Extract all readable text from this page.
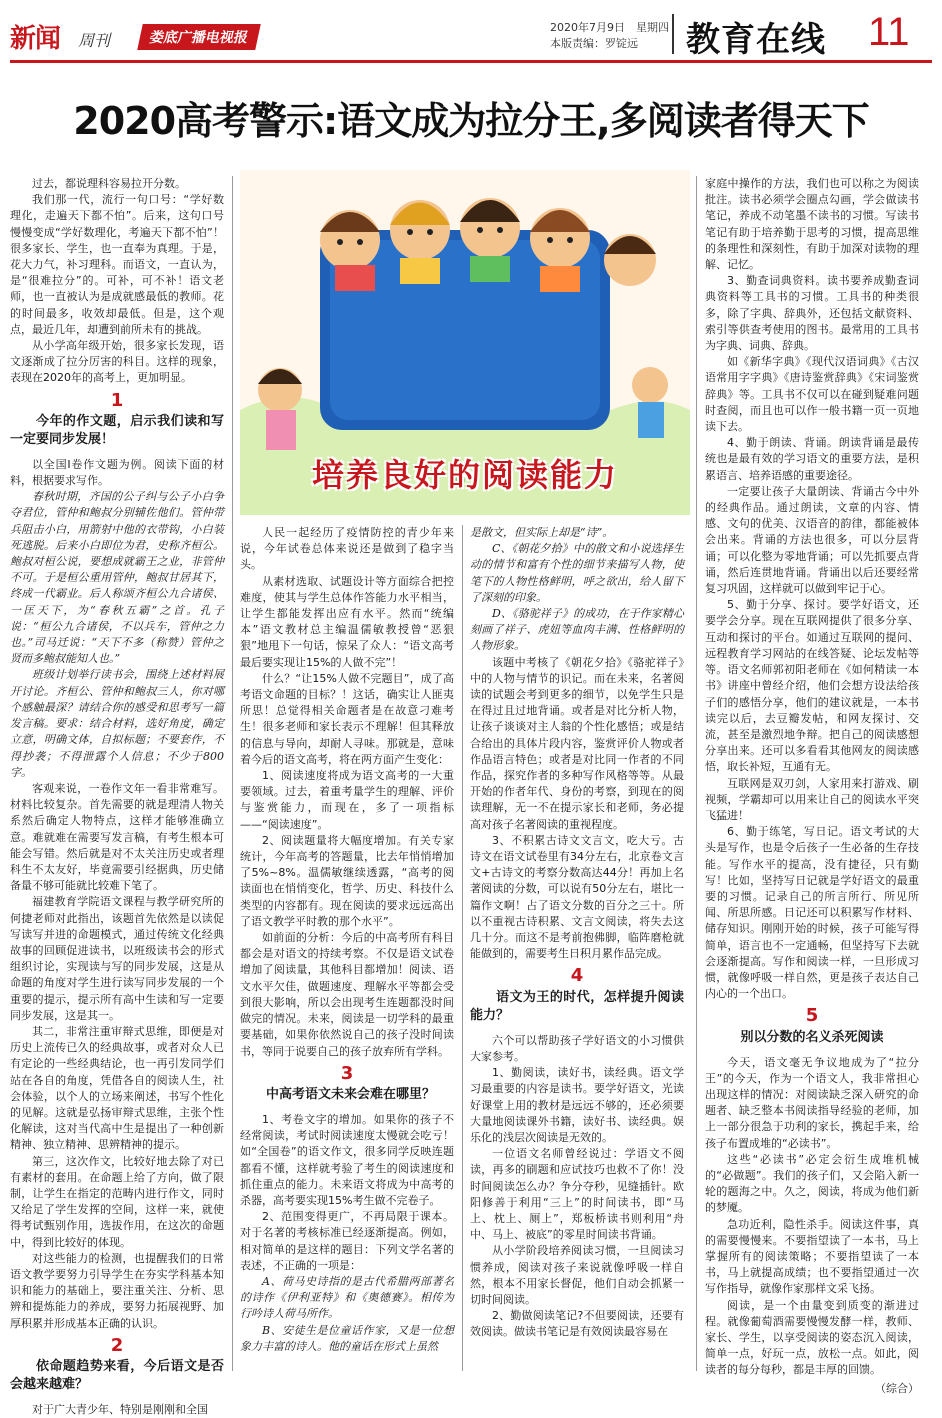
新闻 周刊	娄底广播电视报
2020年7月9日　星期四
本版责编：罗锭远	教育在线 11
2020高考警示:语文成为拉分王,多阅读者得天下
培养良好的阅读能力

过去，都说理科容易拉开分数。

我们那一代，流行一句口号：“学好数理化，走遍天下都不怕”。后来，这句口号慢慢变成“学好数理化，考遍天下都不怕”！很多家长、学生，也一直奉为真理。于是，花大力气，补习理科。而语文，一直认为，是“很难拉分”的。可补，可不补！语文老师，也一直被认为是成就感最低的教师。花的时间最多，收效却最低。但是，这个观点，最近几年，却遭到前所未有的挑战。

从小学高年级开始，很多家长发现，语文逐渐成了拉分厉害的科目。这样的现象，表现在2020年的高考上，更加明显。

1
今年的作文题，启示我们读和写一定要同步发展！

以全国Ⅰ卷作文题为例。阅读下面的材料，根据要求写作。

春秋时期，齐国的公子纠与公子小白争夺君位，管仲和鲍叔分别辅佐他们。管仲带兵阻击小白，用箭射中他的衣带钩，小白装死逃脱。后来小白即位为君，史称齐桓公。鲍叔对桓公说，要想成就霸王之业，非管仲不可。于是桓公重用管仲，鲍叔甘居其下，终成一代霸业。后人称颂齐桓公九合诸侯、一匡天下，为“春秋五霸”之首。孔子说：“桓公九合诸侯，不以兵车，管仲之力也。”司马迁说：“天下不多（称赞）管仲之贤而多鲍叔能知人也。”

班级计划举行读书会，围绕上述材料展开讨论。齐桓公、管仲和鲍叔三人，你对哪个感触最深？请结合你的感受和思考写一篇发言稿。要求：结合材料，选好角度，确定立意，明确文体，自拟标题；不要套作，不得抄袭；不得泄露个人信息；不少于800字。

客观来说，一卷作文年一看非常难写。材料比较复杂。首先需要的就是理清人物关系然后确定人物特点，这样才能够准确立意。难就难在需要写发言稿，有考生根本可能会写错。然后就是对不太关注历史或者理科生不太友好，毕竟需要引经据典，历史储备量不够可能就比较难下笔了。

福建教育学院语文课程与教学研究所的何捷老师对此指出，该题首先依然是以读促写读写并进的命题模式，通过传统文化经典故事的回顾促进读书，以班级读书会的形式组织讨论，实现读与写的同步发展，这是从命题的角度对学生进行读写同步发展的一个重要的提示，提示所有高中生读和写一定要同步发展，这是其一。

其二，非常注重审辩式思维，即便是对历史上流传已久的经典故事，或者对众人已有定论的一些经典结论，也一再引发同学们站在各自的角度，凭借各自的阅读人生，社会体验，以个人的立场来阐述，书写个性化的见解。这就是弘扬审辩式思维，主张个性化解读，这对当代高中生是提出了一种创新精神、独立精神、思辨精神的提示。

第三，这次作文，比较好地去除了对已有素材的套用。在命题上给了方向，做了限制，让学生在指定的范畴内进行作文，同时又给足了学生发挥的空间，这样一来，就使得考试甄别作用，选拔作用，在这次的命题中，得到比较好的体现。

对这些能力的检测，也提醒我们的日常语文教学要努力引导学生在夯实学科基本知识和能力的基础上，要注重关注、分析、思辨和提炼能力的养成，要努力拓展视野、加厚积累并形成基本正确的认识。

2
依命题趋势来看，今后语文是否会越来越难？

对于广大青少年、特别是刚刚和全国

人民一起经历了疫情防控的青少年来说，今年试卷总体来说还是做到了稳字当头。

从素材选取、试题设计等方面综合把控难度，使其与学生总体作答能力水平相当，让学生都能发挥出应有水平。然而“统编本”语文教材总主编温儒敏教授曾“恶狠狠”地甩下一句话，惊呆了众人：“语文高考最后要实现让15%的人做不完”！

什么？“让15%人做不完题目”，成了高考语文命题的目标？！这话，确实让人匪夷所思！总觉得相关命题者是在故意刁难考生！很多老师和家长表示不理解！但其释放的信息与导向，却耐人寻味。那就是，意味着今后的语文高考，将在两方面产生变化：

1、阅读速度将成为语文高考的一大重要领域。过去，着重考量学生的理解、评价与鉴赏能力，而现在，多了一项指标——“阅读速度”。

2、阅读题量将大幅度增加。有关专家统计，今年高考的答题量，比去年悄悄增加了5%~8%。温儒敏继续透露，“高考的阅读面也在悄悄变化，哲学、历史、科技什么类型的内容都有。现在阅读的要求远远高出了语文教学平时教的那个水平”。

如前面的分析：今后的中高考所有科目都会是对语文的持续考察。不仅是语文试卷增加了阅读量，其他科目都增加！阅读、语文水平欠佳，做题速度、理解水平等都会受到很大影响，所以会出现考生连题都没时间做完的情况。未来，阅读是一切学科的最重要基础，如果你依然说自己的孩子没时间读书，等同于说要自己的孩子放弃所有学科。

3
中高考语文未来会难在哪里？

1、考卷文字的增加。如果你的孩子不经常阅读，考试时阅读速度太慢就会吃亏！如“全国卷”的语文作文，很多同学反映连题都看不懂，这样就考验了考生的阅读速度和抓住重点的能力。未来语文将成为中高考的杀器，高考要实现15%考生做不完卷子。

2、范围变得更广，不再局限于课本。对于名著的考核标准已经逐渐提高。例如，相对简单的是这样的题目：下列文学名著的表述，不正确的一项是：

A、荷马史诗指的是古代希腊两部著名的诗作《伊利亚特》和《奥德赛》。相传为行吟诗人荷马所作。

B、安徒生是位童话作家，又是一位想象力丰富的诗人。他的童话在形式上虽然

是散文，但实际上却是“诗”。

C、《朝花夕拾》中的散文和小说选择生动的情节和富有个性的细节来描写人物，使笔下的人物性格鲜明，呼之欲出，给人留下了深刻的印象。

D、《骆驼祥子》的成功，在于作家精心刻画了祥子、虎妞等血肉丰满、性格鲜明的人物形象。

该题中考核了《朝花夕拾》《骆驼祥子》中的人物与情节的识记。而在未来，名著阅读的试题会考到更多的细节，以免学生只是在得过且过地背诵。或者是对比分析人物，让孩子谈谈对主人翁的个性化感悟；或是结合给出的具体片段内容，鉴赏评价人物或者作品语言特色；或者是对比同一作者的不同作品，探究作者的多种写作风格等等。从最开始的作者年代、身份的考察，到现在的阅读理解，无一不在提示家长和老师，务必提高对孩子名著阅读的重视程度。

3、不积累古诗文文言文，吃大亏。古诗文在语文试卷里有34分左右，北京卷文言文+古诗文的考察分数高达44分！再加上名著阅读的分数，可以说有50分左右，堪比一篇作文啊！占了语文分数的百分之三十。所以不重视古诗积累、文言文阅读，将失去这几十分。而这不是考前抱佛脚，临阵磨枪就能做到的，需要考生日积月累作品完成。

4
语文为王的时代，怎样提升阅读能力？

六个可以帮助孩子学好语文的小习惯供大家参考。

1、勤阅读，读好书，读经典。语文学习最重要的内容是读书。要学好语文，光读好课堂上用的教材是远远不够的，还必须要大量地阅读课外书籍，读好书、读经典。娱乐化的浅层次阅读是无效的。

一位语文名师曾经说过：学语文不阅读，再多的刷题和应试技巧也救不了你！没时间阅读怎么办？争分夺秒，见缝插针。欧阳修善于利用“三上”的时间读书，即“马上、枕上、厕上”，郑板桥读书则利用“舟中、马上、被底”的零星时间读书背诵。

从小学阶段培养阅读习惯，一旦阅读习惯养成，阅读对孩子来说就像呼吸一样自然，根本不用家长督促，他们自动会抓紧一切时间阅读。

2、勤做阅读笔记?不但要阅读，还要有效阅读。做读书笔记是有效阅读最容易在

家庭中操作的方法，我们也可以称之为阅读批注。读书必须学会圈点勾画，学会做读书笔记，养成不动笔墨不读书的习惯。写读书笔记有助于培养勤于思考的习惯，提高思维的条理性和深刻性，有助于加深对读物的理解、记忆。

3、勤查词典资料。读书要养成勤查词典资料等工具书的习惯。工具书的种类很多，除了字典、辞典外，还包括文献资料、索引等供查考使用的图书。最常用的工具书为字典、词典、辞典。

如《新华字典》《现代汉语词典》《古汉语常用字字典》《唐诗鉴赏辞典》《宋词鉴赏辞典》等。工具书不仅可以在碰到疑难问题时查阅，而且也可以作一般书籍一页一页地读下去。

4、勤于朗读、背诵。朗读背诵是最传统也是最有效的学习语文的重要方法，是积累语言、培养语感的重要途径。

一定要让孩子大量朗读、背诵古今中外的经典作品。通过朗读，文章的内容、情感、文句的优美、汉语音的韵律，都能被体会出来。背诵的方法也很多，可以分层背诵；可以化整为零地背诵；可以先抓要点背诵，然后连贯地背诵。背诵出以后还要经常复习巩固，这样就可以做到牢记于心。

5、勤于分享、探讨。要学好语文，还要学会分享。现在互联网提供了很多分享、互动和探讨的平台。如通过互联网的提问、远程教育学习网站的在线答疑、论坛发帖等等。语文名师郭初阳老师在《如何精读一本书》讲座中曾经介绍，他们会想方设法给孩子们的感悟分享，他们的建议就是，一本书读完以后，去豆瓣发帖，和网友探讨、交流，甚至是激烈地争辩。把自己的阅读感想分享出来。还可以多看看其他网友的阅读感悟，取长补短，互通有无。

互联网是双刃剑，人家用来打游戏、刷视频，学霸却可以用来让自己的阅读水平突飞猛进！

6、勤于练笔，写日记。语文考试的大头是写作，也是令后孩子一生必备的生存技能。写作水平的提高，没有捷径，只有勤写！比如，坚持写日记就是学好语文的最重要的习惯。记录自己的所言所行、所见所闻、所思所感。日记还可以积累写作材料、储存知识。刚刚开始的时候，孩子可能写得简单，语言也不一定通畅，但坚持写下去就会逐渐提高。写作和阅读一样，一旦形成习惯，就像呼吸一样自然，更是孩子表达自己内心的一个出口。

5
别以分数的名义杀死阅读

今天，语文毫无争议地成为了“拉分王”的今天，作为一个语文人，我非常担心出现这样的情况：对阅读缺乏深入研究的命题者、缺乏整本书阅读指导经验的老师，加上一部分很急于功利的家长，携起手来，给孩子布置成堆的“必读书”。

这些“必读书”必定会衍生成堆机械的“必做题”。我们的孩子们，又会陷入新一轮的题海之中。久之，阅读，将成为他们新的梦魇。

急功近利，隐性杀手。阅读这件事，真的需要慢慢来。不要指望读了一本书，马上掌握所有的阅读策略；不要指望读了一本书，马上就提高成绩；也不要指望通过一次写作指导，就像作家那样文采飞扬。

阅读，是一个由量变到质变的渐进过程。就像葡萄酒需要慢慢发酵一样，教师、家长、学生，以享受阅读的姿态沉入阅读，简单一点，好玩一点，放松一点。如此，阅读者的每分每秒，都是丰厚的回馈。

（综合）
